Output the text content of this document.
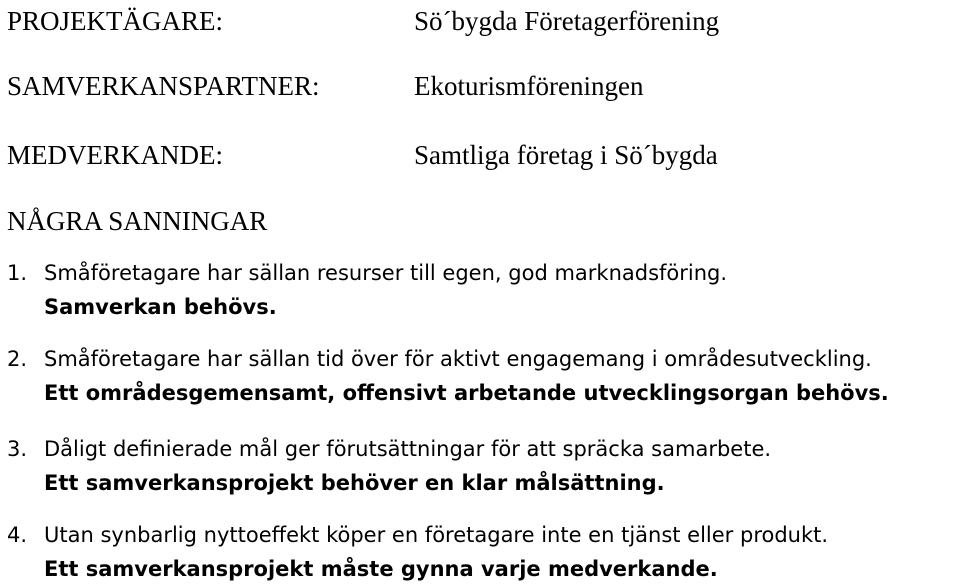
PROJEKTÄGARE:	Sö´bygda Företagerförening
SAMVERKANSPARTNER:	Ekoturismföreningen
MEDVERKANDE:	Samtliga företag i Sö´bygda
NÅGRA SANNINGAR
1. Småföretagare har sällan resurser till egen, god marknadsföring.
Samverkan behövs.
2. Småföretagare har sällan tid över för aktivt engagemang i områdesutveckling.
Ett områdesgemensamt, offensivt arbetande utvecklingsorgan behövs.
3. Dåligt definierade mål ger förutsättningar för att spräcka samarbete.
Ett samverkansprojekt behöver en klar målsättning.
4. Utan synbarlig nyttoeffekt köper en företagare inte en tjänst eller produkt.
Ett samverkansprojekt måste gynna varje medverkande.
